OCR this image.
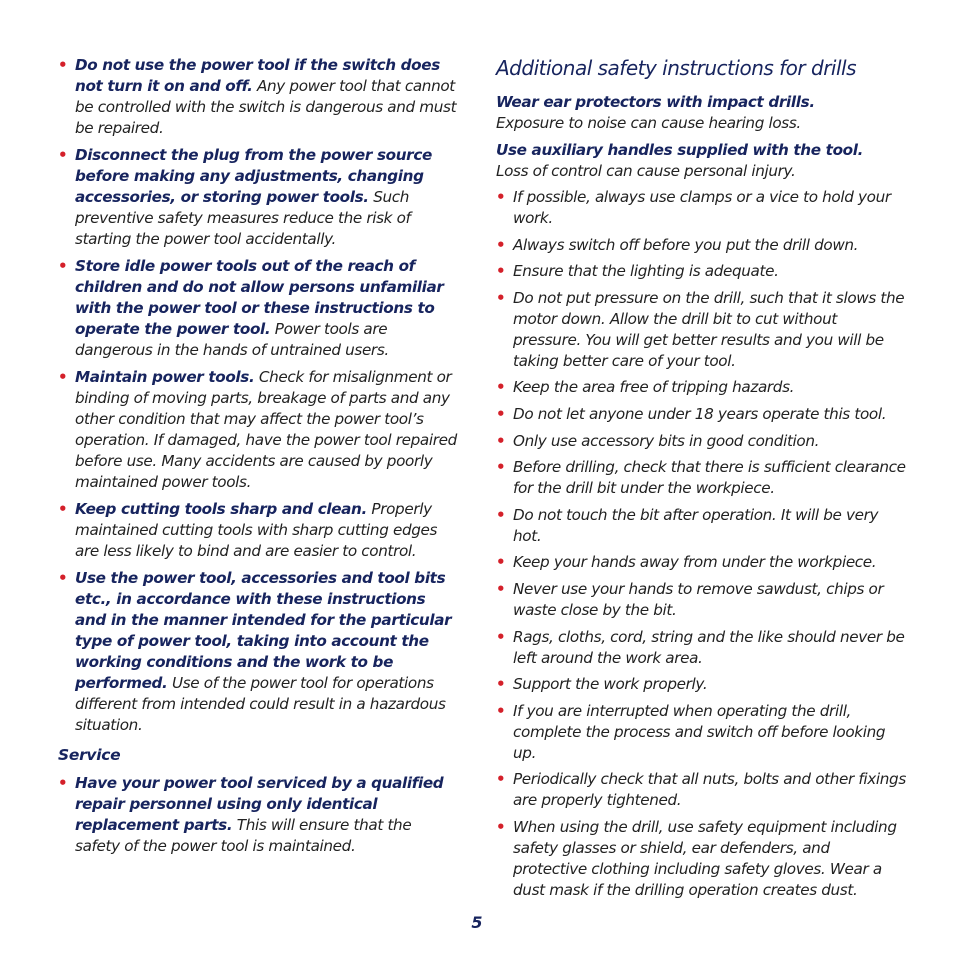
• Do not use the power tool if the switch does not turn it on and off. Any power tool that cannot be controlled with the switch is dangerous and must be repaired.
• Disconnect the plug from the power source before making any adjustments, changing accessories, or storing power tools. Such preventive safety measures reduce the risk of starting the power tool accidentally.
• Store idle power tools out of the reach of children and do not allow persons unfamiliar with the power tool or these instructions to operate the power tool. Power tools are dangerous in the hands of untrained users.
• Maintain power tools. Check for misalignment or binding of moving parts, breakage of parts and any other condition that may affect the power tool’s operation. If damaged, have the power tool repaired before use. Many accidents are caused by poorly maintained power tools.
• Keep cutting tools sharp and clean. Properly maintained cutting tools with sharp cutting edges are less likely to bind and are easier to control.
• Use the power tool, accessories and tool bits etc., in accordance with these instructions and in the manner intended for the particular type of power tool, taking into account the working conditions and the work to be performed. Use of the power tool for operations different from intended could result in a hazardous situation.
Service
• Have your power tool serviced by a qualified repair personnel using only identical replacement parts. This will ensure that the safety of the power tool is maintained.
Additional safety instructions for drills

Wear ear protectors with impact drills.

Exposure to noise can cause hearing loss.

Use auxiliary handles supplied with the tool.

Loss of control can cause personal injury.

• If possible, always use clamps or a vice to hold your work.
• Always switch off before you put the drill down.
• Ensure that the lighting is adequate.
• Do not put pressure on the drill, such that it slows the motor down. Allow the drill bit to cut without pressure. You will get better results and you will be taking better care of your tool.
• Keep the area free of tripping hazards.
• Do not let anyone under 18 years operate this tool.
• Only use accessory bits in good condition.
• Before drilling, check that there is sufficient clearance for the drill bit under the workpiece.
• Do not touch the bit after operation. It will be very hot.
• Keep your hands away from under the workpiece.
• Never use your hands to remove sawdust, chips or waste close by the bit.
• Rags, cloths, cord, string and the like should never be left around the work area.
• Support the work properly.
• If you are interrupted when operating the drill, complete the process and switch off before looking up.
• Periodically check that all nuts, bolts and other fixings are properly tightened.
• When using the drill, use safety equipment including safety glasses or shield, ear defenders, and protective clothing including safety gloves. Wear a dust mask if the drilling operation creates dust.
5
